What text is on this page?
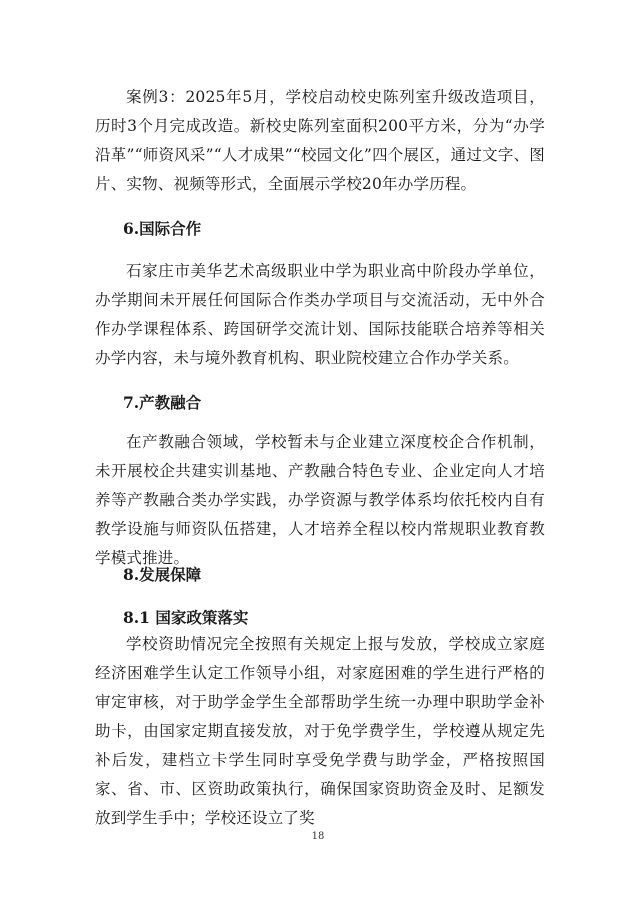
案例3：2025年5月，学校启动校史陈列室升级改造项目，历时3个月完成改造。新校史陈列室面积200平方米，分为“办学沿革”“师资风采”“人才成果”“校园文化”四个展区，通过文字、图片、实物、视频等形式，全面展示学校20年办学历程。

6.国际合作

石家庄市美华艺术高级职业中学为职业高中阶段办学单位，办学期间未开展任何国际合作类办学项目与交流活动，无中外合作办学课程体系、跨国研学交流计划、国际技能联合培养等相关办学内容，未与境外教育机构、职业院校建立合作办学关系。

7.产教融合

在产教融合领域，学校暂未与企业建立深度校企合作机制，未开展校企共建实训基地、产教融合特色专业、企业定向人才培养等产教融合类办学实践，办学资源与教学体系均依托校内自有教学设施与师资队伍搭建，人才培养全程以校内常规职业教育教学模式推进。

8.发展保障
8.1 国家政策落实

学校资助情况完全按照有关规定上报与发放，学校成立家庭经济困难学生认定工作领导小组，对家庭困难的学生进行严格的审定审核，对于助学金学生全部帮助学生统一办理中职助学金补助卡，由国家定期直接发放，对于免学费学生，学校遵从规定先补后发，建档立卡学生同时享受免学费与助学金，严格按照国家、省、市、区资助政策执行，确保国家资助资金及时、足额发放到学生手中；学校还设立了奖

18
